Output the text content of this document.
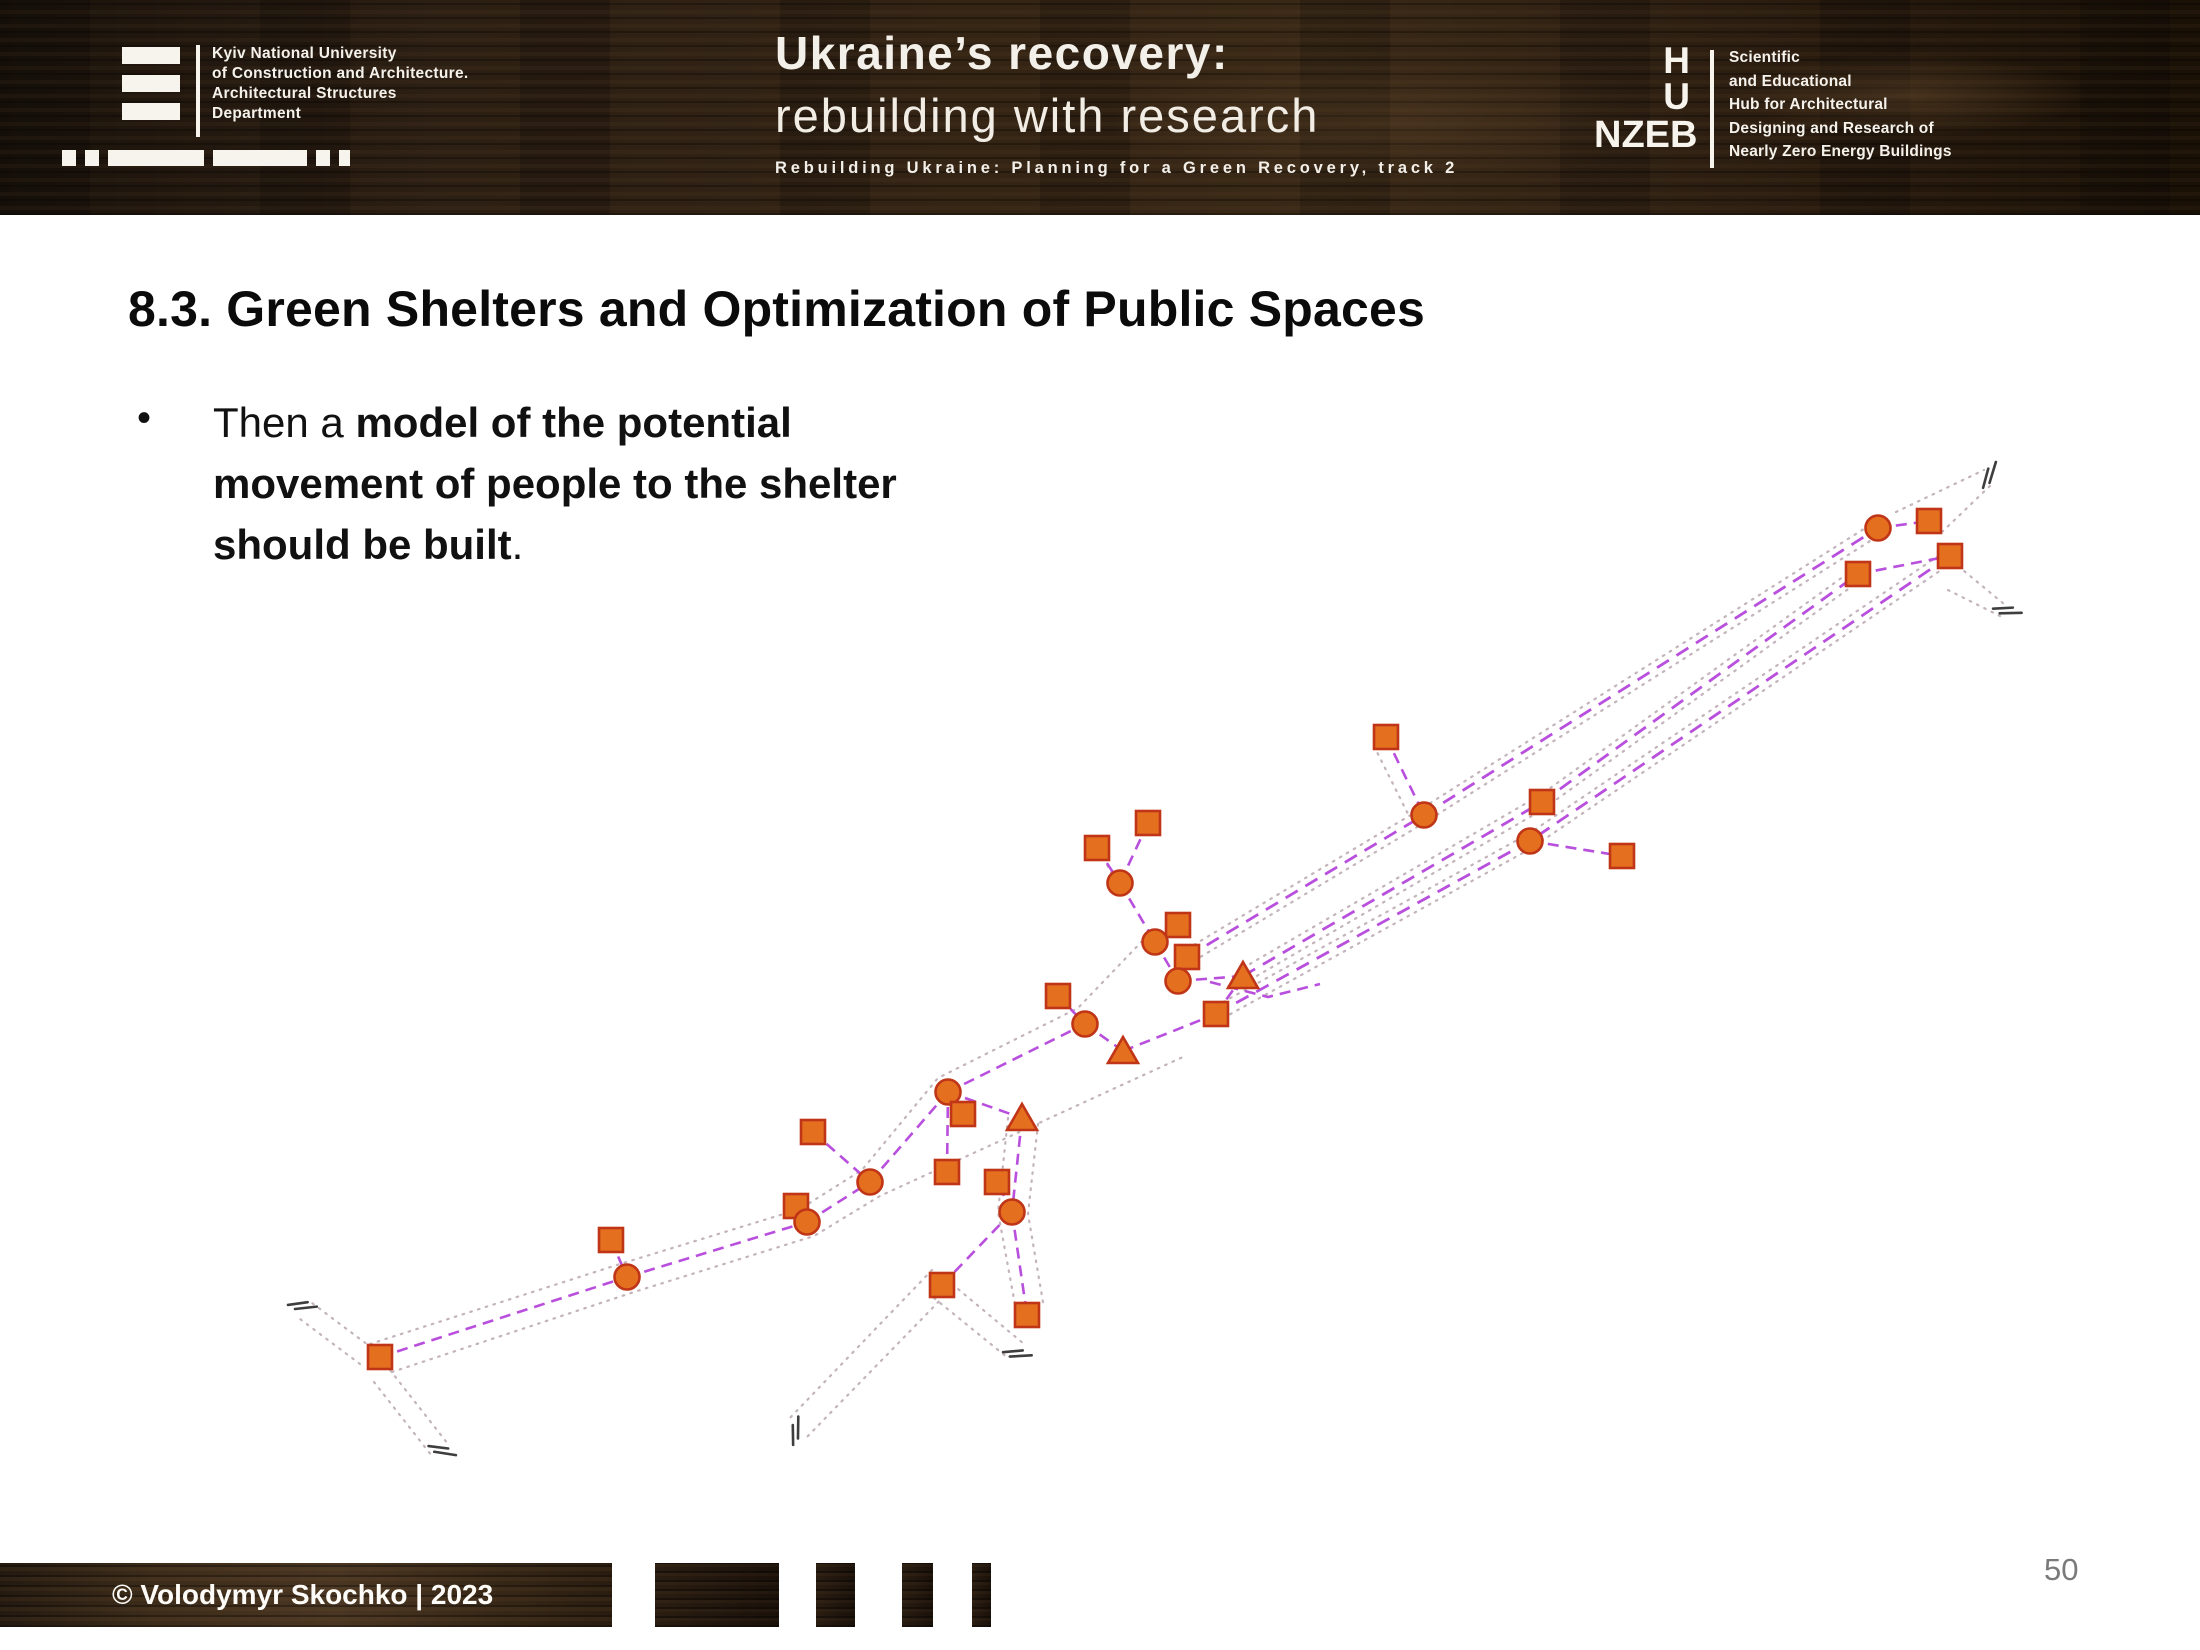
Kyiv National University
of Construction and Architecture.
Architectural Structures
Department
Ukraine’s recovery:
rebuilding with research
Rebuilding Ukraine: Planning for a Green Recovery, track 2
H
U
NZEB
Scientific
and Educational
Hub for Architectural
Designing and Research of
Nearly Zero Energy Buildings
8.3. Green Shelters and Optimization of Public Spaces
• Then a model of the potential
movement of people to the shelter
should be built.
© Volodymyr Skochko | 2023
50
